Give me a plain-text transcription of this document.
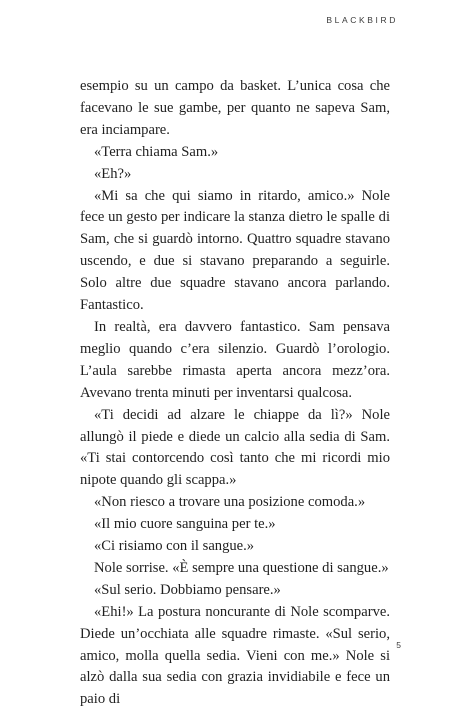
BLACKBIRD

esempio su un campo da basket. L’unica cosa che facevano le sue gambe, per quanto ne sapeva Sam, era inciampare.

«Terra chiama Sam.»

«Eh?»

«Mi sa che qui siamo in ritardo, amico.» Nole fece un gesto per indicare la stanza dietro le spalle di Sam, che si guardò intorno. Quattro squadre stavano uscendo, e due si stavano preparando a seguirle. Solo altre due squadre stavano ancora parlando. Fantastico.

In realtà, era davvero fantastico. Sam pensava meglio quando c’era silenzio. Guardò l’orologio. L’aula sarebbe rimasta aperta ancora mezz’ora. Avevano trenta minuti per inventarsi qualcosa.

«Ti decidi ad alzare le chiappe da lì?» Nole allungò il piede e diede un calcio alla sedia di Sam. «Ti stai contorcendo così tanto che mi ricordi mio nipote quando gli scappa.»

«Non riesco a trovare una posizione comoda.»

«Il mio cuore sanguina per te.»

«Ci risiamo con il sangue.»

Nole sorrise. «È sempre una questione di sangue.»

«Sul serio. Dobbiamo pensare.»

«Ehi!» La postura noncurante di Nole scomparve. Diede un’occhiata alle squadre rimaste. «Sul serio, amico, molla quella sedia. Vieni con me.» Nole si alzò dalla sua sedia con grazia invidiabile e fece un paio di

5
